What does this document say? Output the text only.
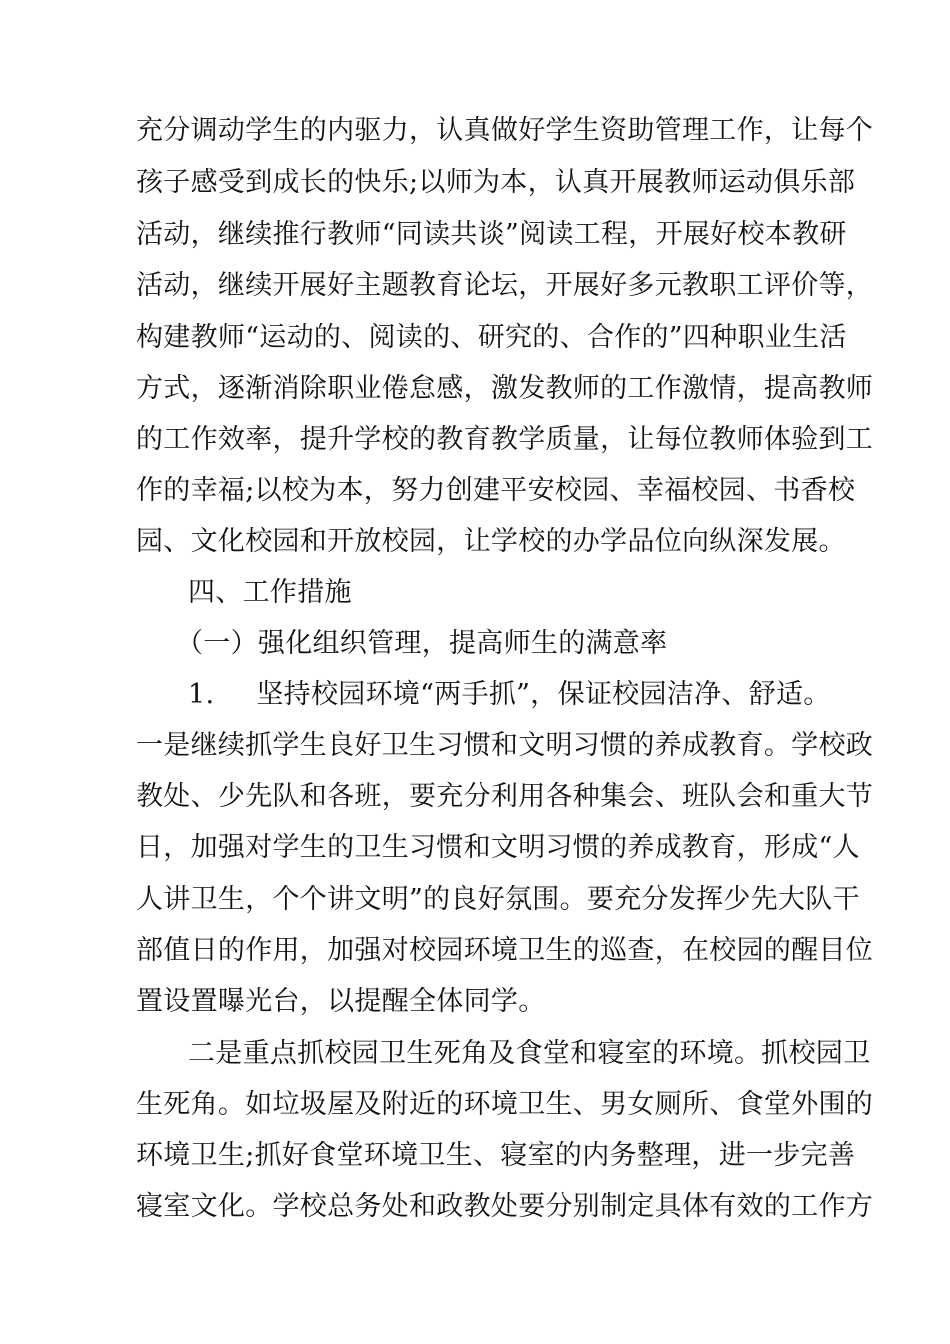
充分调动学生的内驱力，认真做好学生资助管理工作，让每个
孩子感受到成长的快乐;以师为本，认真开展教师运动俱乐部
活动，继续推行教师“同读共谈”阅读工程，开展好校本教研
活动，继续开展好主题教育论坛，开展好多元教职工评价等，
构建教师“运动的、阅读的、研究的、合作的”四种职业生活
方式，逐渐消除职业倦怠感，激发教师的工作激情，提高教师
的工作效率，提升学校的教育教学质量，让每位教师体验到工
作的幸福;以校为本，努力创建平安校园、幸福校园、书香校
园、文化校园和开放校园，让学校的办学品位向纵深发展。
四、工作措施
（一）强化组织管理，提高师生的满意率
1. 坚持校园环境“两手抓”，保证校园洁净、舒适。
一是继续抓学生良好卫生习惯和文明习惯的养成教育。学校政
教处、少先队和各班，要充分利用各种集会、班队会和重大节
日，加强对学生的卫生习惯和文明习惯的养成教育，形成“人
人讲卫生，个个讲文明”的良好氛围。要充分发挥少先大队干
部值日的作用，加强对校园环境卫生的巡查，在校园的醒目位
置设置曝光台，以提醒全体同学。
二是重点抓校园卫生死角及食堂和寝室的环境。抓校园卫
生死角。如垃圾屋及附近的环境卫生、男女厕所、食堂外围的
环境卫生;抓好食堂环境卫生、寝室的内务整理，进一步完善
寝室文化。学校总务处和政教处要分别制定具体有效的工作方
